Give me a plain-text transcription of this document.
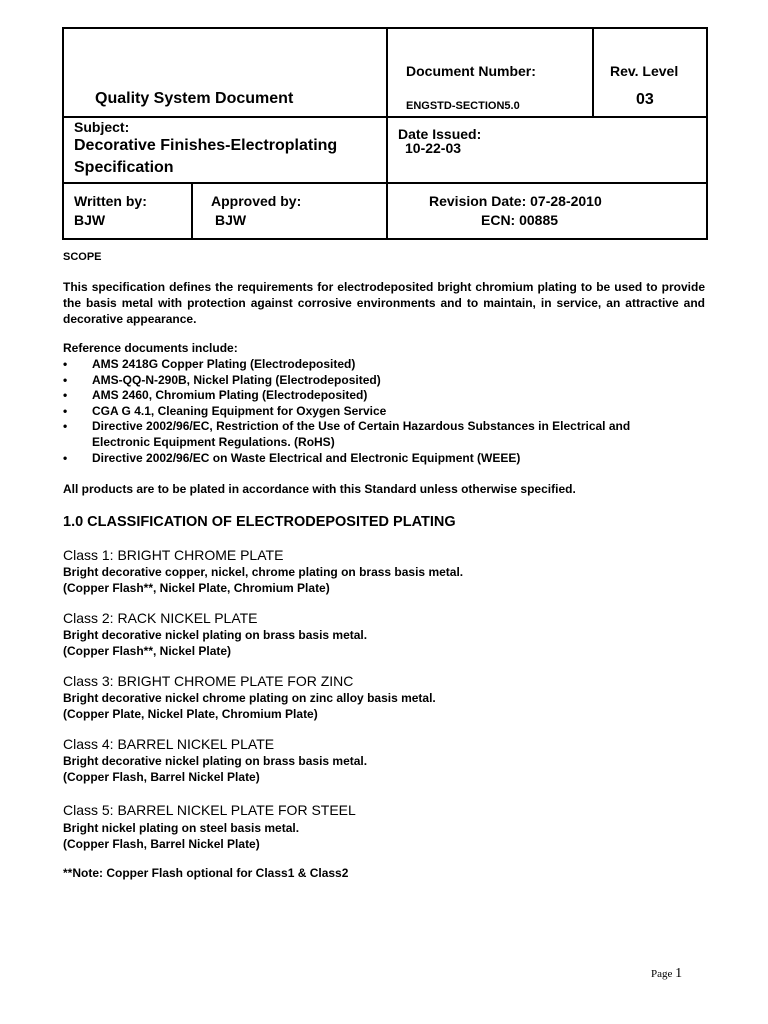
Quality System Document
Document Number:
ENGSTD-SECTION5.0
Rev. Level
03
Subject:
Decorative Finishes-Electroplating
Specification
Date Issued:
10-22-03
Written by:
BJW
Approved by:
BJW
Revision Date: 07-28-2010
ECN: 00885
SCOPE
This specification defines the requirements for electrodeposited bright chromium plating to be used to provide the basis metal with protection against corrosive environments and to maintain, in service, an attractive and decorative appearance.
Reference documents include:
• AMS 2418G Copper Plating (Electrodeposited)
• AMS-QQ-N-290B, Nickel Plating (Electrodeposited)
• AMS 2460, Chromium Plating (Electrodeposited)
• CGA G 4.1, Cleaning Equipment for Oxygen Service
• Directive 2002/96/EC, Restriction of the Use of Certain Hazardous Substances in Electrical and Electronic Equipment Regulations. (RoHS)
• Directive 2002/96/EC on Waste Electrical and Electronic Equipment (WEEE)
All products are to be plated in accordance with this Standard unless otherwise specified.
1.0 CLASSIFICATION OF ELECTRODEPOSITED PLATING
Class 1: BRIGHT CHROME PLATE
Bright decorative copper, nickel, chrome plating on brass basis metal.
(Copper Flash**, Nickel Plate, Chromium Plate)
Class 2: RACK NICKEL PLATE
Bright decorative nickel plating on brass basis metal.
(Copper Flash**, Nickel Plate)
Class 3: BRIGHT CHROME PLATE FOR ZINC
Bright decorative nickel chrome plating on zinc alloy basis metal.
(Copper Plate, Nickel Plate, Chromium Plate)
Class 4: BARREL NICKEL PLATE
Bright decorative nickel plating on brass basis metal.
(Copper Flash, Barrel Nickel Plate)
Class 5: BARREL NICKEL PLATE FOR STEEL
Bright nickel plating on steel basis metal.
(Copper Flash, Barrel Nickel Plate)
**Note: Copper Flash optional for Class1 & Class2
Page 1
